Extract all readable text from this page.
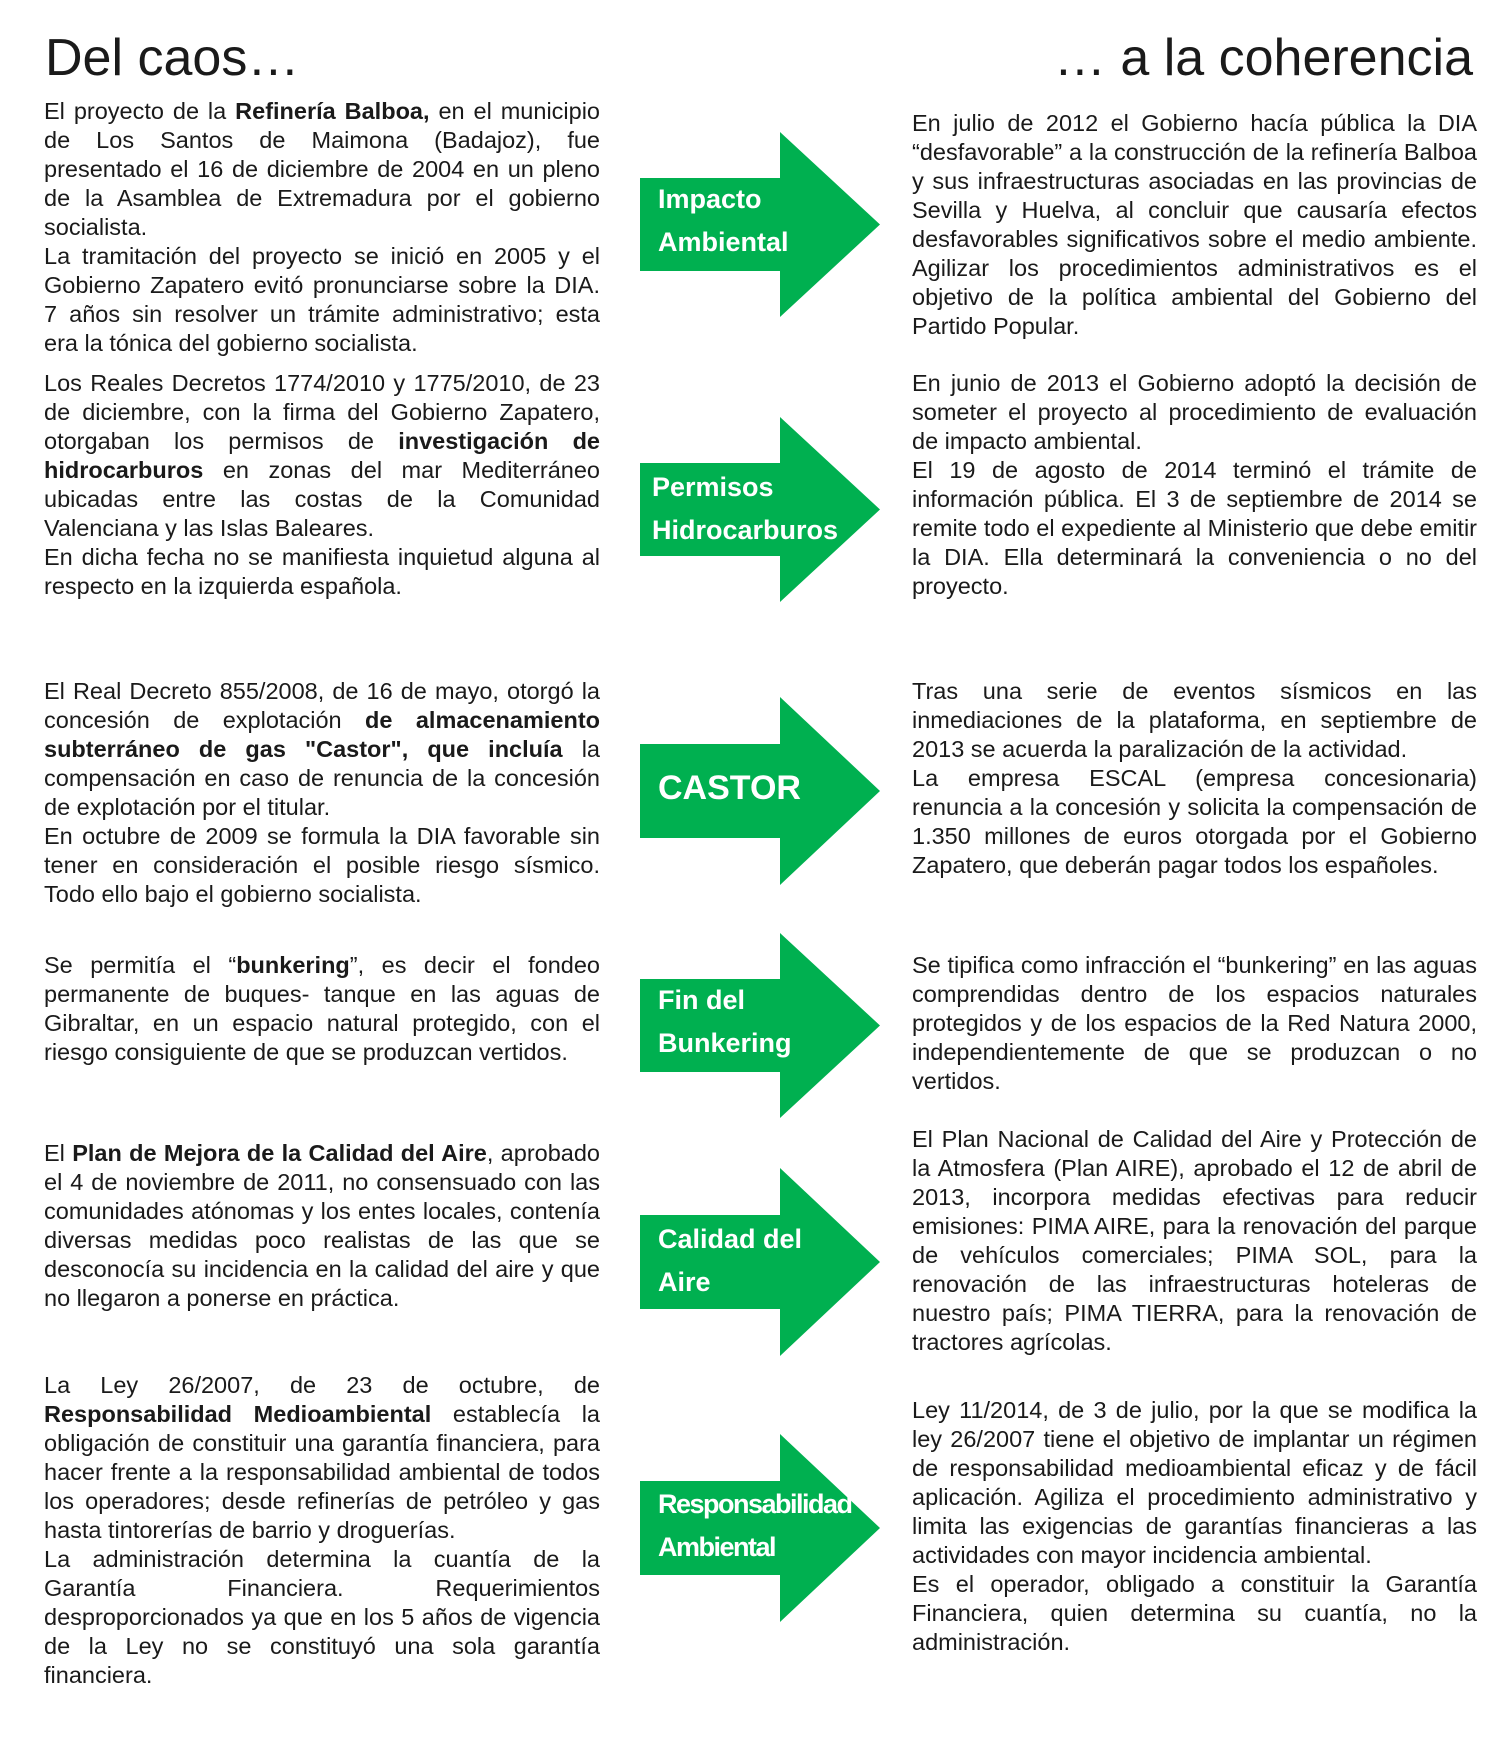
Del caos…	… a la coherencia

El proyecto de la Refinería Balboa, en el municipio de Los Santos de Maimona (Badajoz), fue presentado el 16 de diciembre de 2004 en un pleno de la Asamblea de Extremadura por el gobierno socialista.

La tramitación del proyecto se inició en 2005 y el Gobierno Zapatero evitó pronunciarse sobre la DIA. 7 años sin resolver un trámite administrativo; esta era la tónica del gobierno socialista.

Impacto
Ambiental

En julio de 2012 el Gobierno hacía pública la DIA “desfavorable” a la construcción de la refinería Balboa y sus infraestructuras asociadas en las provincias de Sevilla y Huelva, al concluir que causaría efectos desfavorables significativos sobre el medio ambiente. Agilizar los procedimientos administrativos es el objetivo de la política ambiental del Gobierno del Partido Popular.

Los Reales Decretos 1774/2010 y 1775/2010, de 23 de diciembre, con la firma del Gobierno Zapatero, otorgaban los permisos de investigación de hidrocarburos en zonas del mar Mediterráneo ubicadas entre las costas de la Comunidad Valenciana y las Islas Baleares.

En dicha fecha no se manifiesta inquietud alguna al respecto en la izquierda española.

Permisos
Hidrocarburos

En junio de 2013 el Gobierno adoptó la decisión de someter el proyecto al procedimiento de evaluación de impacto ambiental.

El 19 de agosto de 2014 terminó el trámite de información pública. El 3 de septiembre de 2014 se remite todo el expediente al Ministerio que debe emitir la DIA. Ella determinará la conveniencia o no del proyecto.

El Real Decreto 855/2008, de 16 de mayo, otorgó la concesión de explotación de almacenamiento subterráneo de gas "Castor", que incluía la compensación en caso de renuncia de la concesión de explotación por el titular.

En octubre de 2009 se formula la DIA favorable sin tener en consideración el posible riesgo sísmico. Todo ello bajo el gobierno socialista.

CASTOR

Tras una serie de eventos sísmicos en las inmediaciones de la plataforma, en septiembre de 2013 se acuerda la paralización de la actividad.

La empresa ESCAL (empresa concesionaria) renuncia a la concesión y solicita la compensación de 1.350 millones de euros otorgada por el Gobierno Zapatero, que deberán pagar todos los españoles.

Se permitía el “bunkering”, es decir el fondeo permanente de buques- tanque en las aguas de Gibraltar, en un espacio natural protegido, con el riesgo consiguiente de que se produzcan vertidos.

Fin del
Bunkering

Se tipifica como infracción el “bunkering” en las aguas comprendidas dentro de los espacios naturales protegidos y de los espacios de la Red Natura 2000, independientemente de que se produzcan o no vertidos.

El Plan de Mejora de la Calidad del Aire, aprobado el 4 de noviembre de 2011, no consensuado con las comunidades atónomas y los entes locales, contenía diversas medidas poco realistas de las que se desconocía su incidencia en la calidad del aire y que no llegaron a ponerse en práctica.

Calidad del
Aire

El Plan Nacional de Calidad del Aire y Protección de la Atmosfera (Plan AIRE), aprobado el 12 de abril de 2013, incorpora medidas efectivas para reducir emisiones: PIMA AIRE, para la renovación del parque de vehículos comerciales; PIMA SOL, para la renovación de las infraestructuras hoteleras de nuestro país; PIMA TIERRA, para la renovación de tractores agrícolas.

La Ley 26/2007, de 23 de octubre, de Responsabilidad Medioambiental establecía la obligación de constituir una garantía financiera, para hacer frente a la responsabilidad ambiental de todos los operadores; desde refinerías de petróleo y gas hasta tintorerías de barrio y droguerías.

La administración determina la cuantía de la Garantía Financiera. Requerimientos desproporcionados ya que en los 5 años de vigencia de la Ley no se constituyó una sola garantía financiera.

Responsabilidad
Ambiental

Ley 11/2014, de 3 de julio, por la que se modifica la ley 26/2007 tiene el objetivo de implantar un régimen de responsabilidad medioambiental eficaz y de fácil aplicación. Agiliza el procedimiento administrativo y limita las exigencias de garantías financieras a las actividades con mayor incidencia ambiental.

Es el operador, obligado a constituir la Garantía Financiera, quien determina su cuantía, no la administración.
